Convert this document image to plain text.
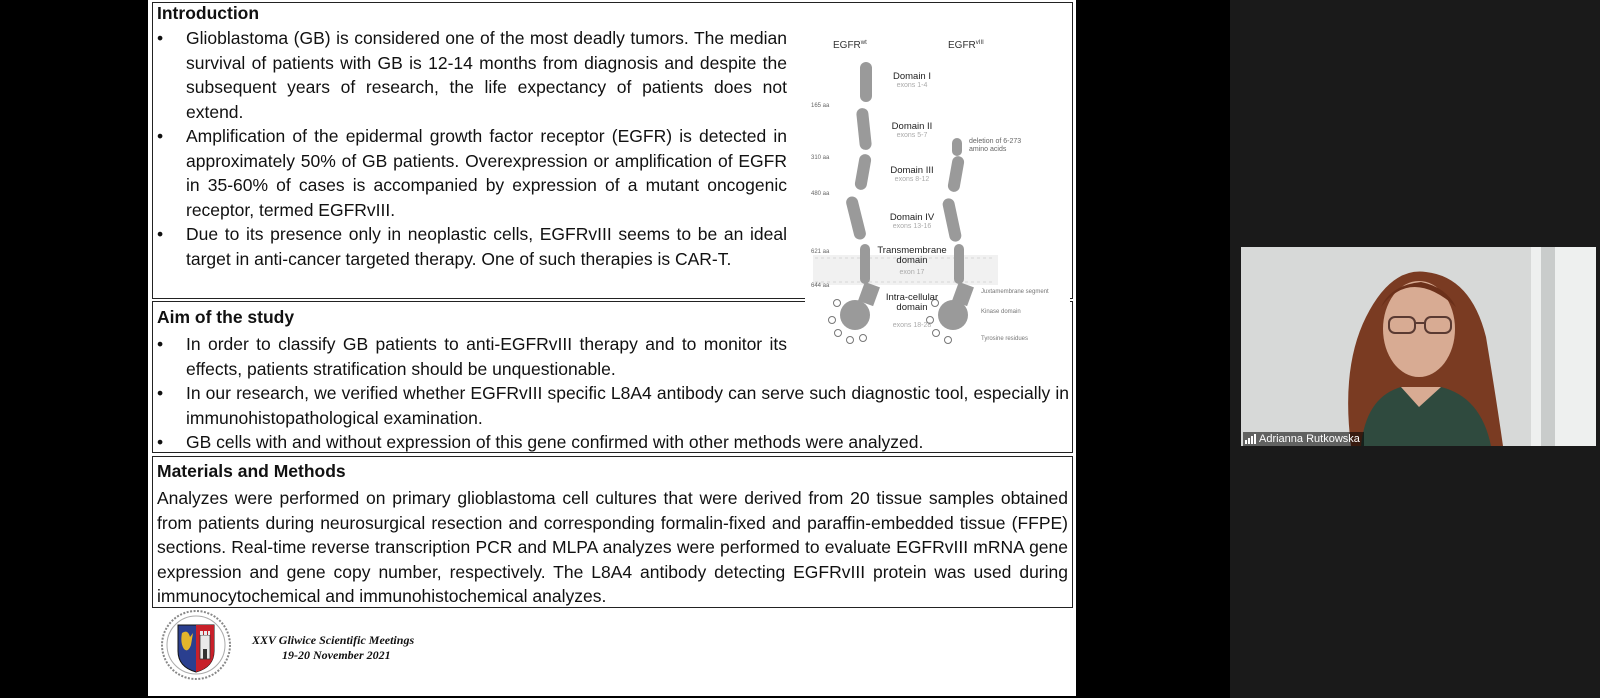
Introduction
• Glioblastoma (GB) is considered one of the most deadly tumors. The median survival of patients with GB is 12-14 months from diagnosis and despite the subsequent years of research, the life expectancy of patients does not extend.
• Amplification of the epidermal growth factor receptor (EGFR) is detected in approximately 50% of GB patients. Overexpression or amplification of EGFR in 35-60% of cases is accompanied by expression of a mutant oncogenic receptor, termed EGFRvIII.
• Due to its presence only in neoplastic cells, EGFRvIII seems to be an ideal target in anti-cancer targeted therapy. One of such therapies is CAR-T.
Aim of the study
• In order to classify GB patients to anti-EGFRvIII therapy and to monitor its effects, patients stratification should be unquestionable.
• In our research, we verified whether EGFRvIII specific L8A4 antibody can serve such diagnostic tool, especially in immunohistopathological examination.
• GB cells with and without expression of this gene confirmed with other methods were analyzed.
Materials and Methods
Analyzes were performed on primary glioblastoma cell cultures that were derived from 20 tissue samples obtained from patients during neurosurgical resection and corresponding formalin-fixed and paraffin-embedded tissue (FFPE) sections. Real-time reverse transcription PCR and MLPA analyzes were performed to evaluate EGFRvIII mRNA gene expression and gene copy number, respectively. The L8A4 antibody detecting EGFRvIII protein was used during immunocytochemical and immunohistochemical analyzes.
$EGFR^{wt}$	$EGFR^{vIII}$
165 aa
310 aa
480 aa
621 aa
644 aa
Domain I
exons 1-4
Domain II
exons 5-7
Domain III
exons 8-12
Domain IV
exons 13-16
Transmembrane domain
exon 17
Intra-cellular domain
exons 18-28
deletion of 6-273
amino acids
Juxtamembrane segment
Kinase domain
Tyrosine residues
XXV Gliwice Scientific Meetings
19-20 November 2021
Adrianna Rutkowska
